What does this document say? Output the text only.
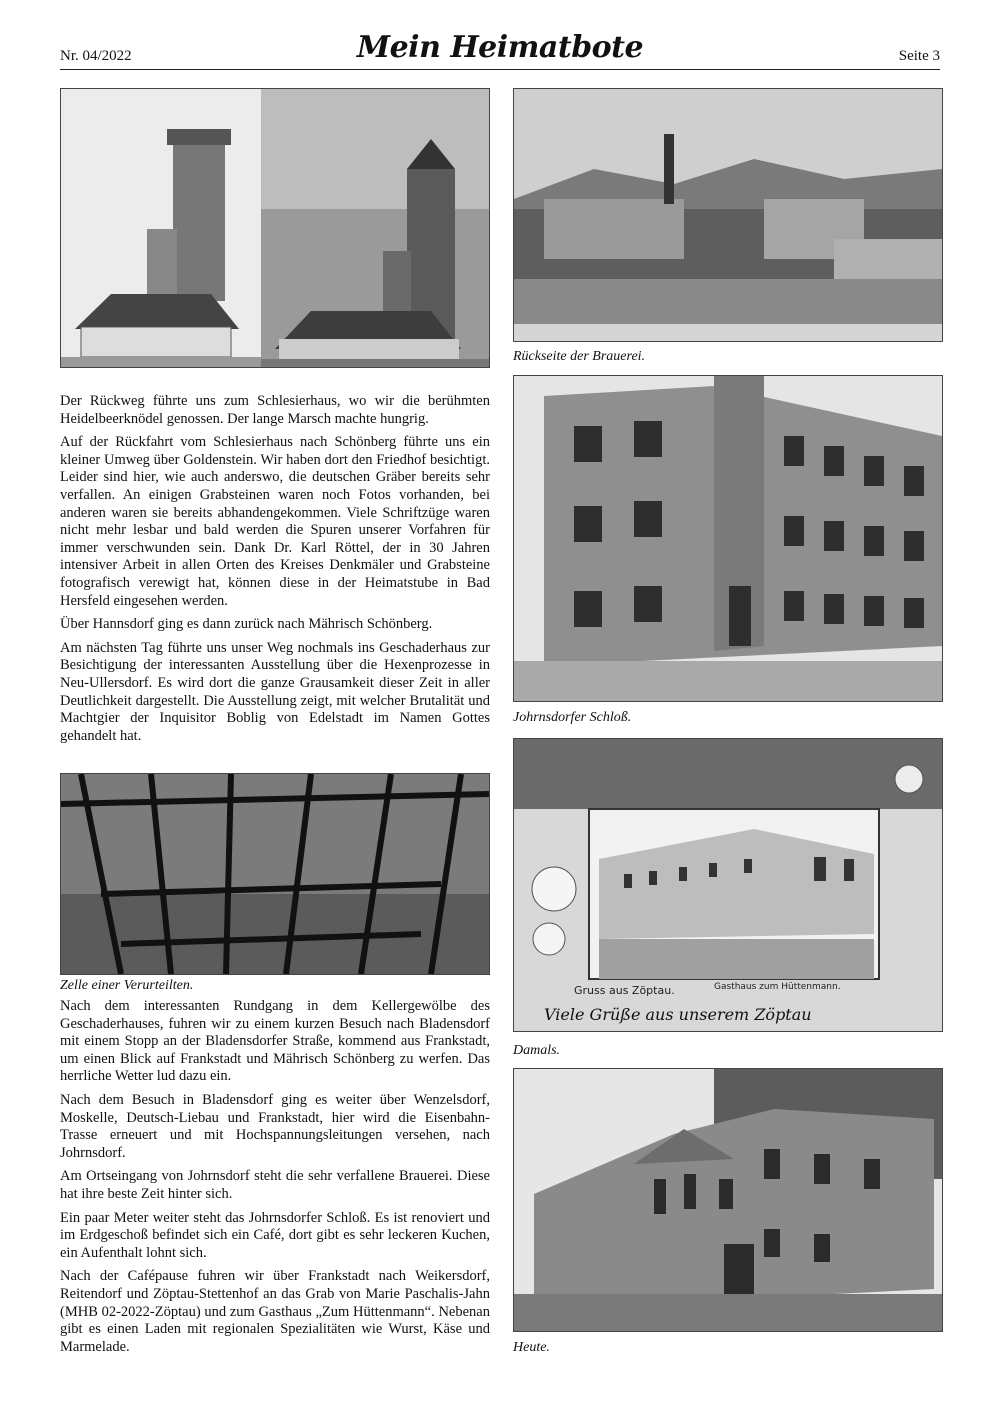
Nr. 04/2022	Mein Heimatbote	Seite 3

Der Rückweg führte uns zum Schlesierhaus, wo wir die berühmten Heidelbeerknödel genossen. Der lange Marsch machte hungrig.

Auf der Rückfahrt vom Schlesierhaus nach Schönberg führte uns ein kleiner Umweg über Goldenstein. Wir haben dort den Friedhof besichtigt. Leider sind hier, wie auch anderswo, die deutschen Gräber bereits sehr verfallen. An einigen Grabsteinen waren noch Fotos vorhanden, bei anderen waren sie bereits abhandengekommen. Viele Schriftzüge waren nicht mehr lesbar und bald werden die Spuren unserer Vorfahren für immer verschwunden sein. Dank Dr. Karl Röttel, der in 30 Jahren intensiver Arbeit in allen Orten des Kreises Denkmäler und Grabsteine fotografisch verewigt hat, können diese in der Heimatstube in Bad Hersfeld eingesehen werden.

Über Hannsdorf ging es dann zurück nach Mährisch Schönberg.

Am nächsten Tag führte uns unser Weg nochmals ins Geschaderhaus zur Besichtigung der interessanten Ausstellung über die Hexenprozesse in Neu-Ullersdorf. Es wird dort die ganze Grausamkeit dieser Zeit in aller Deutlichkeit dargestellt. Die Ausstellung zeigt, mit welcher Brutalität und Machtgier der Inquisitor Boblig von Edelstadt im Namen Gottes gehandelt hat.

Zelle einer Verurteilten.

Nach dem interessanten Rundgang in dem Kellergewölbe des Geschaderhauses, fuhren wir zu einem kurzen Besuch nach Bladensdorf mit einem Stopp an der Bladensdorfer Straße, kommend aus Frankstadt, um einen Blick auf Frankstadt und Mährisch Schönberg zu werfen. Das herrliche Wetter lud dazu ein.

Nach dem Besuch in Bladensdorf ging es weiter über Wenzelsdorf, Moskelle, Deutsch-Liebau und Frankstadt, hier wird die Eisenbahn-Trasse erneuert und mit Hochspannungsleitungen versehen, nach Johrnsdorf.

Am Ortseingang von Johrnsdorf steht die sehr verfallene Brauerei. Diese hat ihre beste Zeit hinter sich.

Ein paar Meter weiter steht das Johrnsdorfer Schloß. Es ist renoviert und im Erdgeschoß befindet sich ein Café, dort gibt es sehr leckeren Kuchen, ein Aufenthalt lohnt sich.

Nach der Cafépause fuhren wir über Frankstadt nach Weikersdorf, Reitendorf und Zöptau-Stettenhof an das Grab von Marie Paschalis-Jahn (MHB 02-2022-Zöptau) und zum Gasthaus „Zum Hüttenmann“. Nebenan gibt es einen Laden mit regionalen Spezialitäten wie Wurst, Käse und Marmelade.

Rückseite der Brauerei.
Johrnsdorfer Schloß.
Gruss aus Zöptau.	Gasthaus zum Hüttenmann.
Viele Grüße aus unserem Zöptau
Damals.
Heute.
